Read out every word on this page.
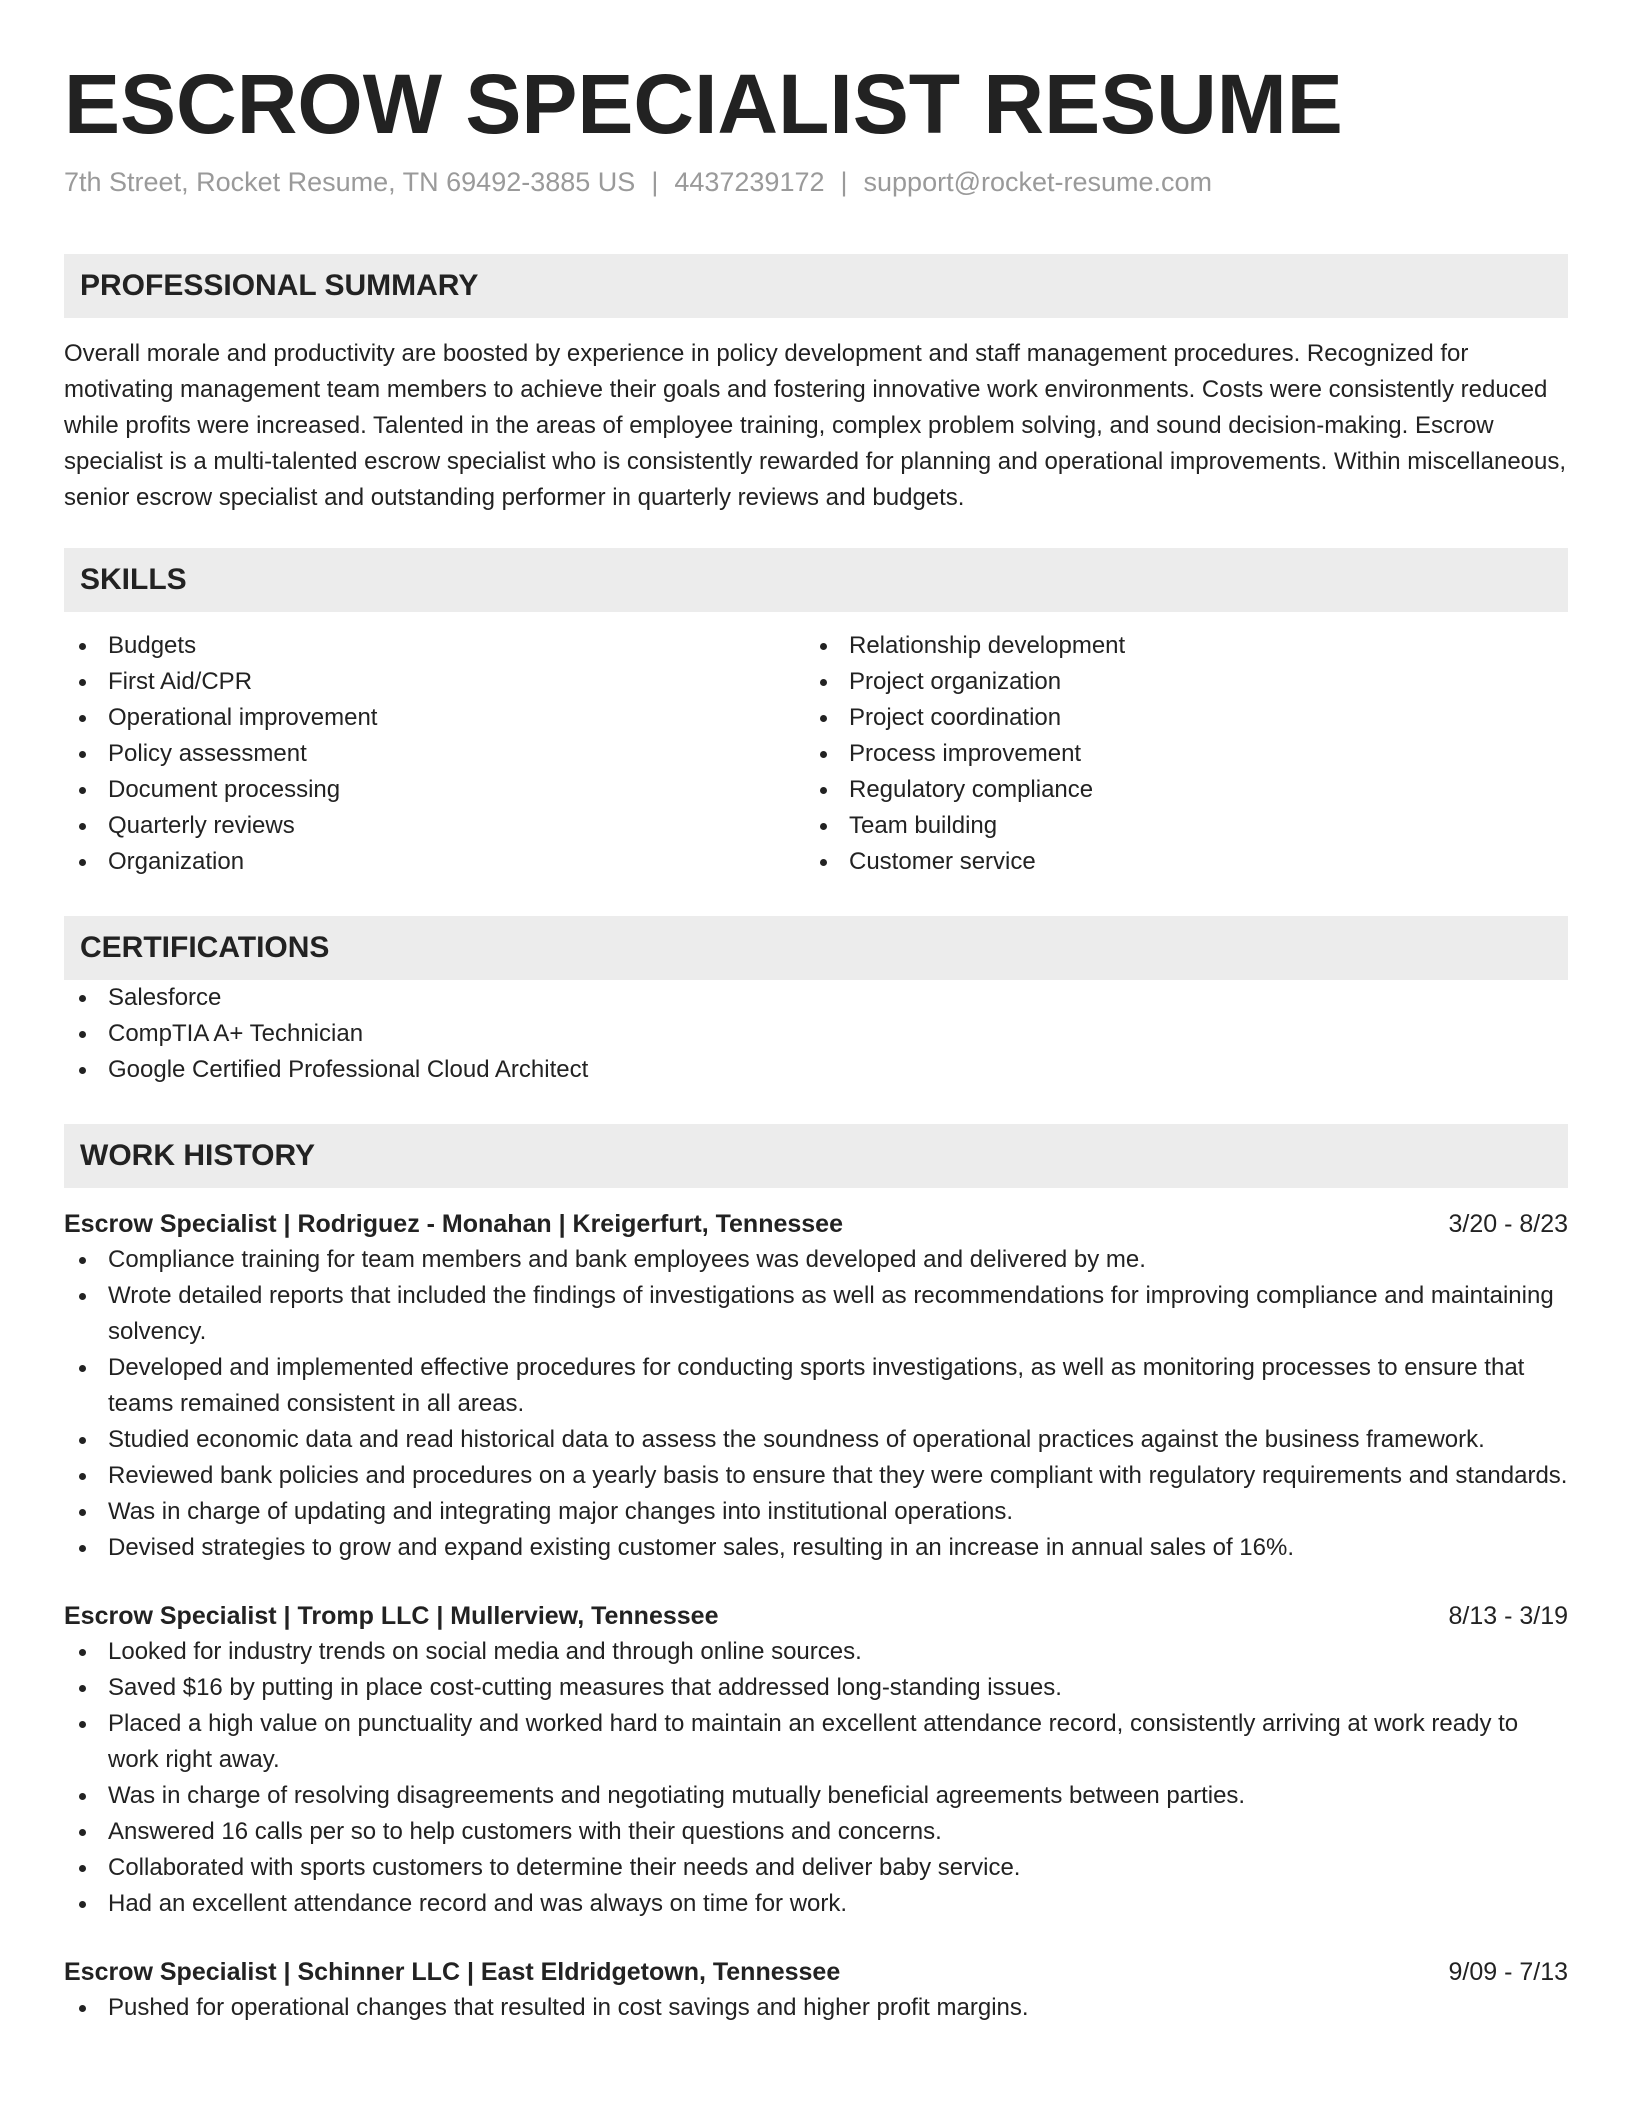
ESCROW SPECIALIST RESUME
7th Street, Rocket Resume, TN 69492-3885 US | 4437239172 | support@rocket-resume.com
PROFESSIONAL SUMMARY

Overall morale and productivity are boosted by experience in policy development and staff management procedures. Recognized for motivating management team members to achieve their goals and fostering innovative work environments. Costs were consistently reduced while profits were increased. Talented in the areas of employee training, complex problem solving, and sound decision-making. Escrow specialist is a multi-talented escrow specialist who is consistently rewarded for planning and operational improvements. Within miscellaneous, senior escrow specialist and outstanding performer in quarterly reviews and budgets.

SKILLS
Budgets
First Aid/CPR
Operational improvement
Policy assessment
Document processing
Quarterly reviews
Organization
Relationship development
Project organization
Project coordination
Process improvement
Regulatory compliance
Team building
Customer service
CERTIFICATIONS
Salesforce
CompTIA A+ Technician
Google Certified Professional Cloud Architect
WORK HISTORY
Escrow Specialist | Rodriguez - Monahan | Kreigerfurt, Tennessee	3/20 - 8/23
Compliance training for team members and bank employees was developed and delivered by me.
Wrote detailed reports that included the findings of investigations as well as recommendations for improving compliance and maintaining solvency.
Developed and implemented effective procedures for conducting sports investigations, as well as monitoring processes to ensure that teams remained consistent in all areas.
Studied economic data and read historical data to assess the soundness of operational practices against the business framework.
Reviewed bank policies and procedures on a yearly basis to ensure that they were compliant with regulatory requirements and standards.
Was in charge of updating and integrating major changes into institutional operations.
Devised strategies to grow and expand existing customer sales, resulting in an increase in annual sales of 16%.
Escrow Specialist | Tromp LLC | Mullerview, Tennessee	8/13 - 3/19
Looked for industry trends on social media and through online sources.
Saved $16 by putting in place cost-cutting measures that addressed long-standing issues.
Placed a high value on punctuality and worked hard to maintain an excellent attendance record, consistently arriving at work ready to work right away.
Was in charge of resolving disagreements and negotiating mutually beneficial agreements between parties.
Answered 16 calls per so to help customers with their questions and concerns.
Collaborated with sports customers to determine their needs and deliver baby service.
Had an excellent attendance record and was always on time for work.
Escrow Specialist | Schinner LLC | East Eldridgetown, Tennessee	9/09 - 7/13
Pushed for operational changes that resulted in cost savings and higher profit margins.
